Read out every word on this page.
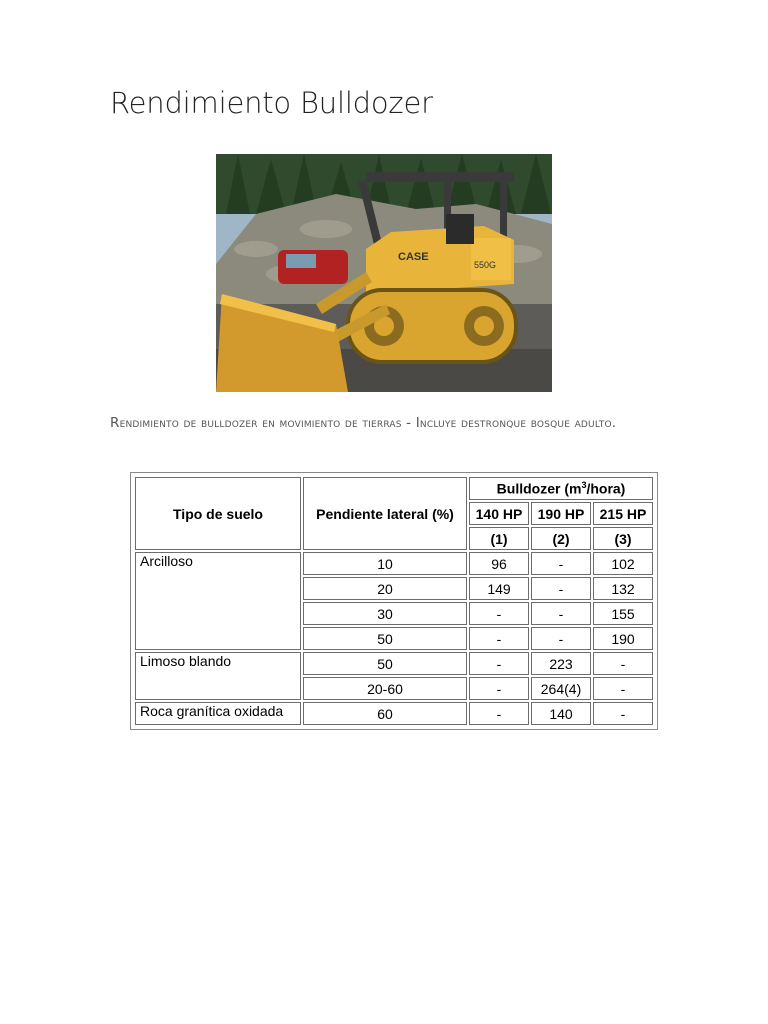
Rendimiento Bulldozer
550G
CASE

Rendimiento de bulldozer en movimiento de tierras - Incluye destronque bosque adulto.

Tipo de suelo	Pendiente lateral (%)	Bulldozer $(m^3/hora)$		
		140 HP	190 HP	215 HP
		(1)	(2)	(3)
Arcilloso	10	96	-	102
	20	149	-	132
	30	-	-	155
	50	-	-	190
Limoso blando	50	-	223	-
	20-60	-	264(4)	-
Roca granítica oxidada	60	-	140	-
